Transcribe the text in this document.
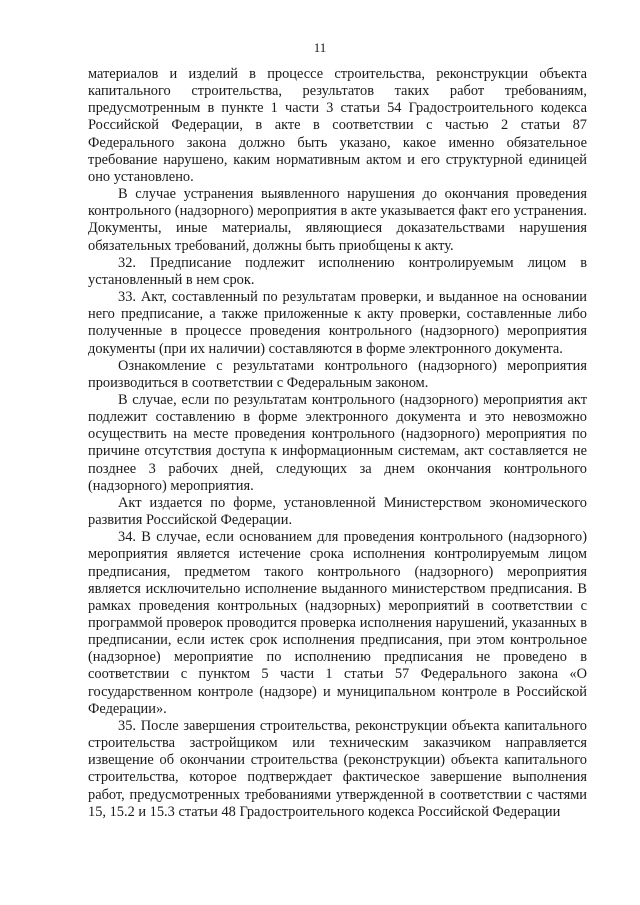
11

материалов и изделий в процессе строительства, реконструкции объекта капитального строительства, результатов таких работ требованиям, предусмотренным в пункте 1 части 3 статьи 54 Градостроительного кодекса Российской Федерации, в акте в соответствии с частью 2 статьи 87 Федерального закона должно быть указано, какое именно обязательное требование нарушено, каким нормативным актом и его структурной единицей оно установлено.

В случае устранения выявленного нарушения до окончания проведения контрольного (надзорного) мероприятия в акте указывается факт его устранения. Документы, иные материалы, являющиеся доказательствами нарушения обязательных требований, должны быть приобщены к акту.

32. Предписание подлежит исполнению контролируемым лицом в установленный в нем срок.

33. Акт, составленный по результатам проверки, и выданное на основании него предписание, а также приложенные к акту проверки, составленные либо полученные в процессе проведения контрольного (надзорного) мероприятия документы (при их наличии) составляются в форме электронного документа.

Ознакомление с результатами контрольного (надзорного) мероприятия производиться в соответствии с Федеральным законом.

В случае, если по результатам контрольного (надзорного) мероприятия акт подлежит составлению в форме электронного документа и это невозможно осуществить на месте проведения контрольного (надзорного) мероприятия по причине отсутствия доступа к информационным системам, акт составляется не позднее 3 рабочих дней, следующих за днем окончания контрольного (надзорного) мероприятия.

Акт издается по форме, установленной Министерством экономического развития Российской Федерации.

34. В случае, если основанием для проведения контрольного (надзорного) мероприятия является истечение срока исполнения контролируемым лицом предписания, предметом такого контрольного (надзорного) мероприятия является исключительно исполнение выданного министерством предписания. В рамках проведения контрольных (надзорных) мероприятий в соответствии с программой проверок проводится проверка исполнения нарушений, указанных в предписании, если истек срок исполнения предписания, при этом контрольное (надзорное) мероприятие по исполнению предписания не проведено в соответствии с пунктом 5 части 1 статьи 57 Федерального закона «О государственном контроле (надзоре) и муниципальном контроле в Российской Федерации».

35. После завершения строительства, реконструкции объекта капитального строительства застройщиком или техническим заказчиком направляется извещение об окончании строительства (реконструкции) объекта капитального строительства, которое подтверждает фактическое завершение выполнения работ, предусмотренных требованиями утвержденной в соответствии с частями 15, 15.2 и 15.3 статьи 48 Градостроительного кодекса Российской Федерации
